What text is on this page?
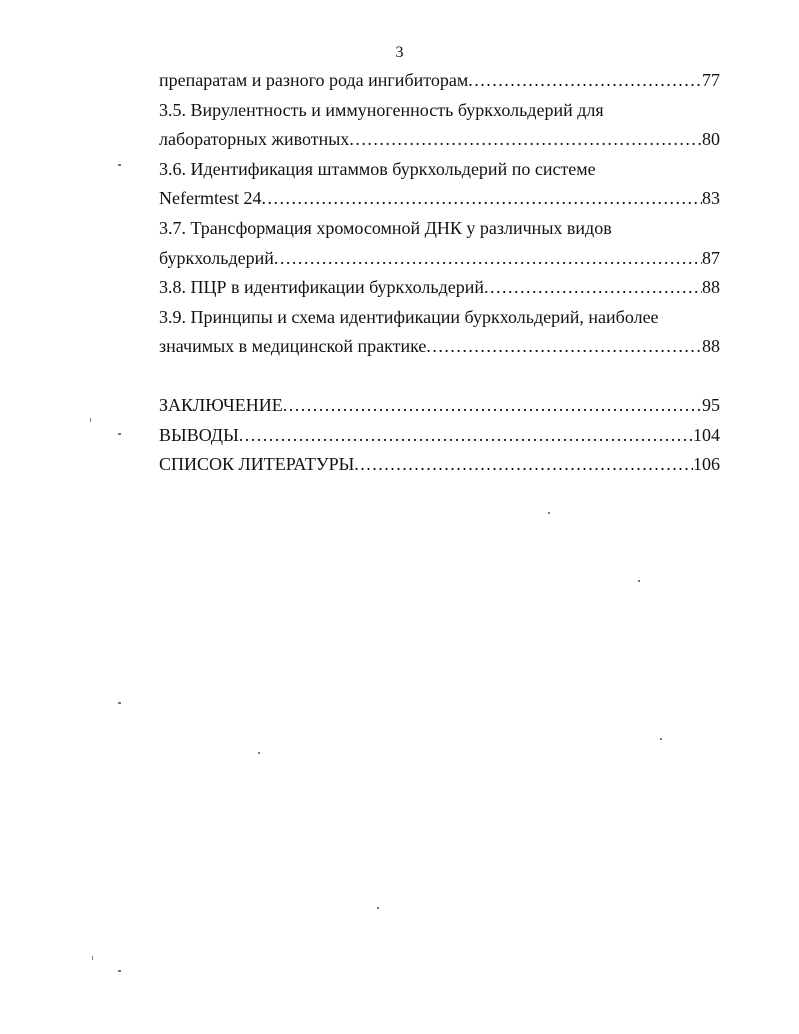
3
препаратам и разного рода ингибиторам .....	77
3.5. Вирулентность и иммуногенность буркхольдерий для
лабораторных животных .....	80
3.6. Идентификация штаммов буркхольдерий по системе
Nefermtest 24 .....	83
3.7. Трансформация хромосомной ДНК у различных видов
буркхольдерий .....	87
3.8. ПЦР в идентификации буркхольдерий .....	88
3.9. Принципы и схема идентификации буркхольдерий, наиболее
значимых в медицинской практике .....	88
ЗАКЛЮЧЕНИЕ .....	95
ВЫВОДЫ .....	104
СПИСОК ЛИТЕРАТУРЫ .....	106
